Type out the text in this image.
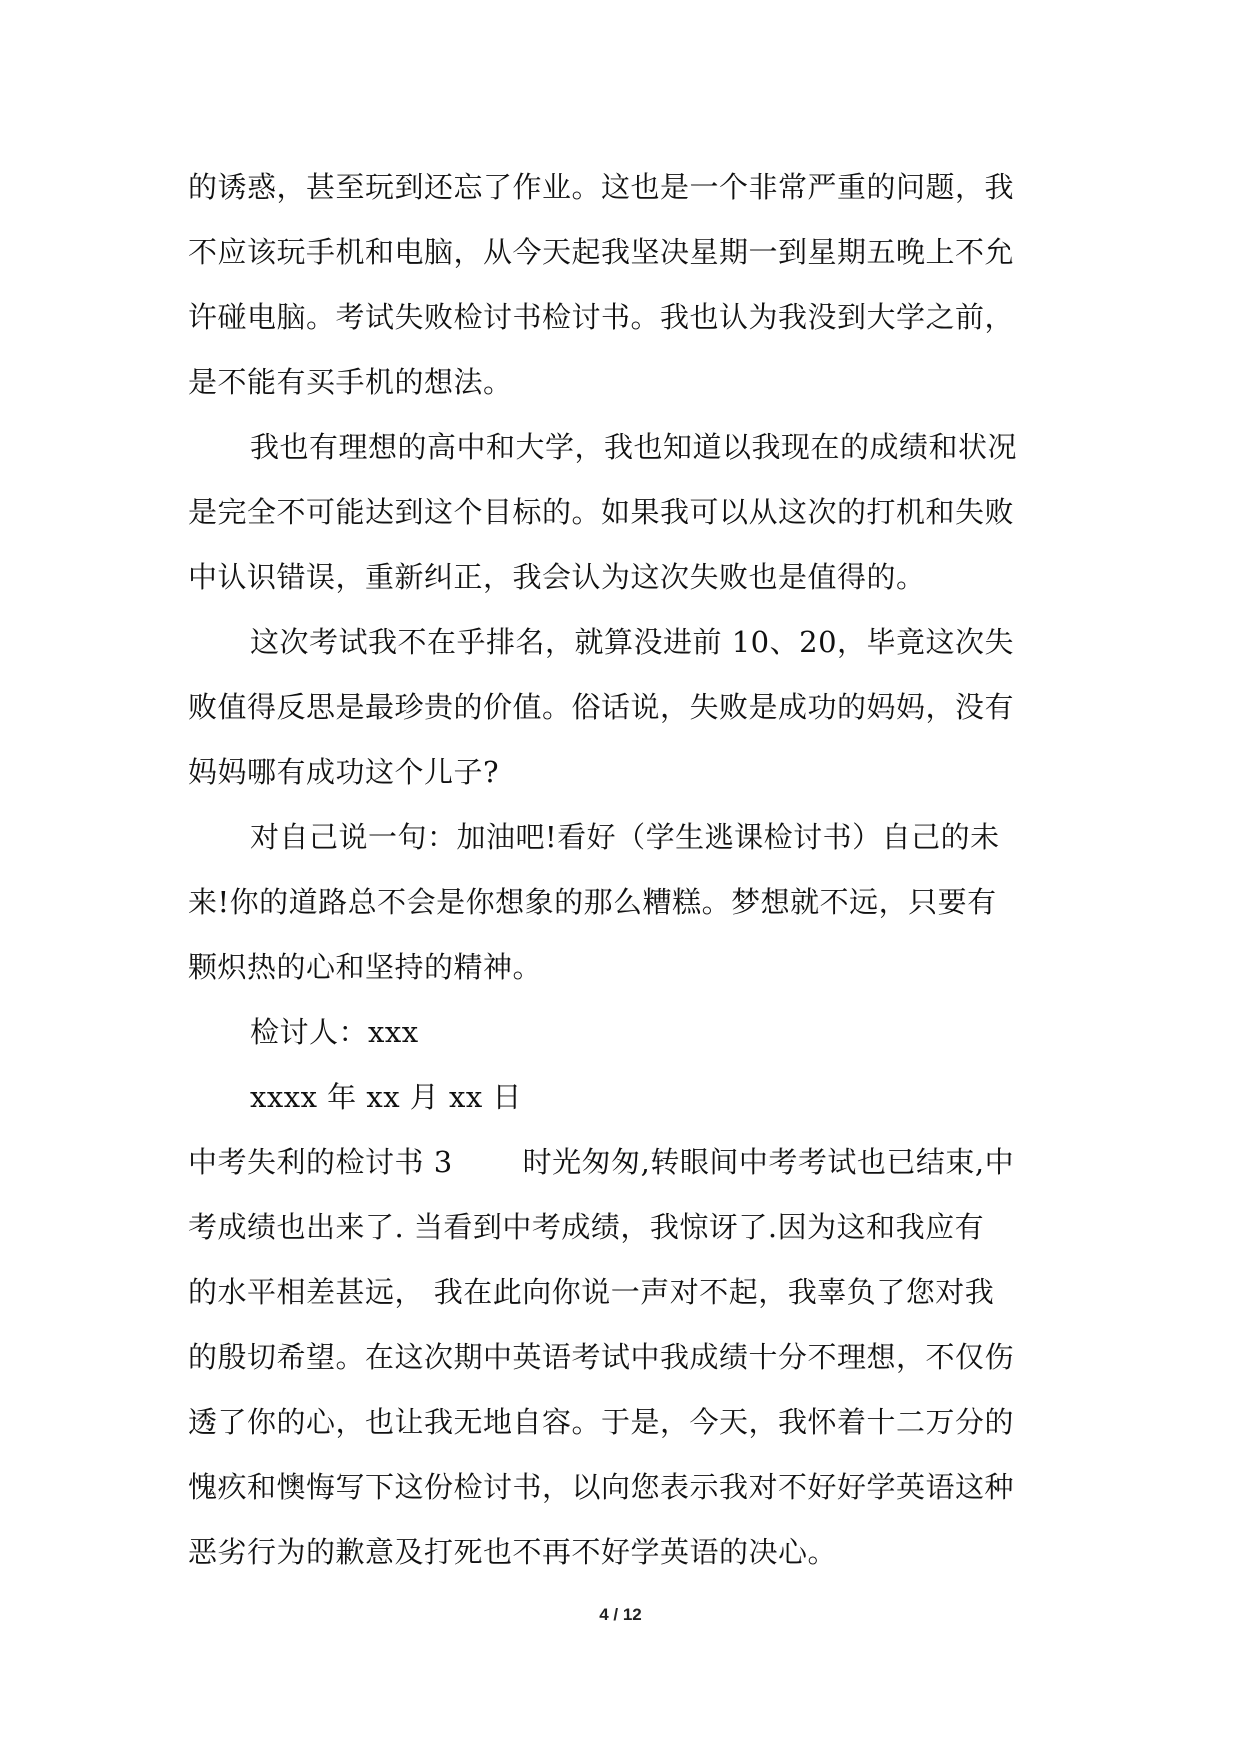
的诱惑，甚至玩到还忘了作业。这也是一个非常严重的问题，我
不应该玩手机和电脑，从今天起我坚决星期一到星期五晚上不允
许碰电脑。考试失败检讨书检讨书。我也认为我没到大学之前，
是不能有买手机的想法。
我也有理想的高中和大学，我也知道以我现在的成绩和状况
是完全不可能达到这个目标的。如果我可以从这次的打机和失败
中认识错误，重新纠正，我会认为这次失败也是值得的。
这次考试我不在乎排名，就算没进前 10、20，毕竟这次失
败值得反思是最珍贵的价值。俗话说，失败是成功的妈妈，没有
妈妈哪有成功这个儿子?
对自己说一句：加油吧!看好（学生逃课检讨书）自己的未
来!你的道路总不会是你想象的那么糟糕。梦想就不远，只要有
颗炽热的心和坚持的精神。
检讨人：xxx
xxxx 年 xx 月 xx 日
中考失利的检讨书 3 时光匆匆,转眼间中考考试也已结束,中
考成绩也出来了. 当看到中考成绩，我惊讶了.因为这和我应有
的水平相差甚远， 我在此向你说一声对不起，我辜负了您对我
的殷切希望。在这次期中英语考试中我成绩十分不理想，不仅伤
透了你的心，也让我无地自容。于是，今天，我怀着十二万分的
愧疚和懊悔写下这份检讨书，以向您表示我对不好好学英语这种
恶劣行为的歉意及打死也不再不好学英语的决心。
4 / 12
